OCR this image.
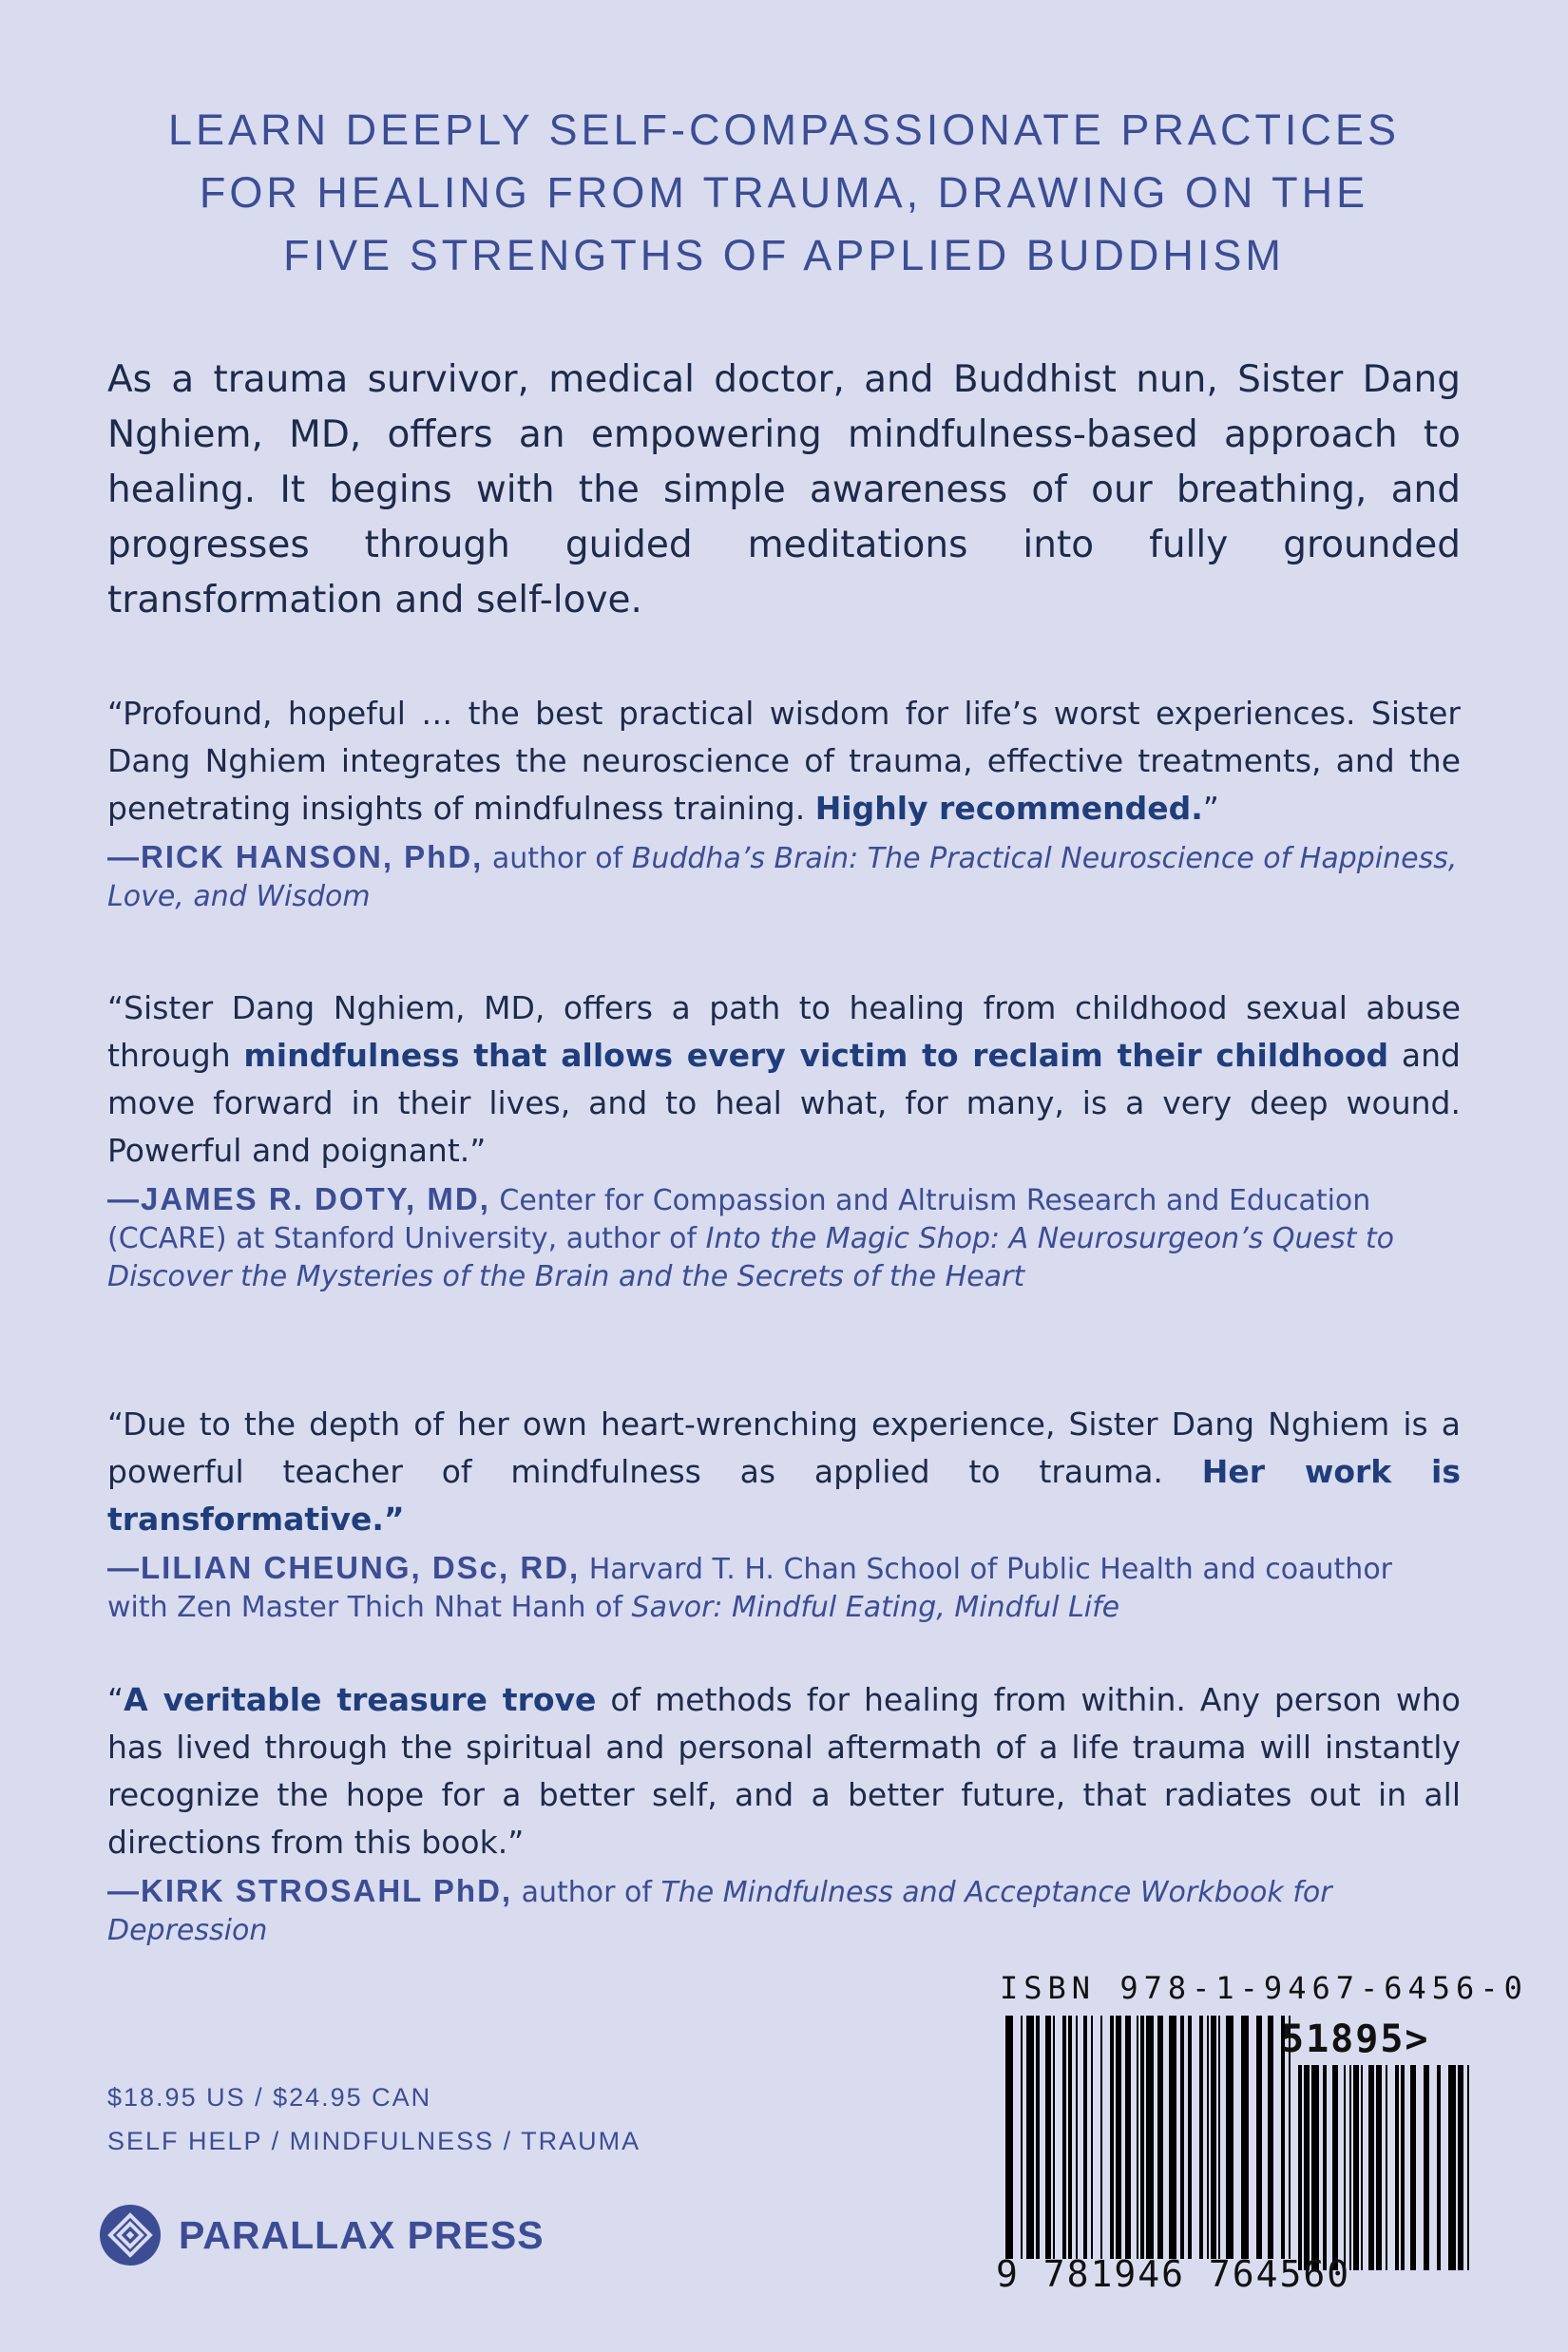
LEARN DEEPLY SELF-COMPASSIONATE PRACTICES
FOR HEALING FROM TRAUMA, DRAWING ON THE
FIVE STRENGTHS OF APPLIED BUDDHISM

As a trauma survivor, medical doctor, and Buddhist nun, Sister Dang Nghiem, MD, offers an empowering mindfulness-based approach to healing. It begins with the simple awareness of our breathing, and progresses through guided meditations into fully grounded transformation and self-love.

“Profound, hopeful … the best practical wisdom for life’s worst experiences. Sister Dang Nghiem integrates the neuroscience of trauma, effective treatments, and the penetrating insights of mindfulness training. Highly recommended.”

—RICK HANSON, PhD, author of Buddha’s Brain: The Practical Neuroscience of Happiness, Love, and Wisdom

“Sister Dang Nghiem, MD, offers a path to healing from childhood sexual abuse through mindfulness that allows every victim to reclaim their childhood and move forward in their lives, and to heal what, for many, is a very deep wound. Powerful and poignant.”

—JAMES R. DOTY, MD, Center for Compassion and Altruism Research and Education (CCARE) at Stanford University, author of Into the Magic Shop: A Neurosurgeon’s Quest to Discover the Mysteries of the Brain and the Secrets of the Heart

“Due to the depth of her own heart-wrenching experience, Sister Dang Nghiem is a powerful teacher of mindfulness as applied to trauma. Her work is transformative.”

—LILIAN CHEUNG, DSc, RD, Harvard T. H. Chan School of Public Health and coauthor with Zen Master Thich Nhat Hanh of Savor: Mindful Eating, Mindful Life

“A veritable treasure trove of methods for healing from within. Any person who has lived through the spiritual and personal aftermath of a life trauma will instantly recognize the hope for a better self, and a better future, that radiates out in all directions from this book.”

—KIRK STROSAHL PhD, author of The Mindfulness and Acceptance Workbook for Depression
$18.95 US / $24.95 CAN
SELF HELP / MINDFULNESS / TRAUMA
PARALLAX PRESS
ISBN 978-1-9467-6456-0
51895>
9 781946 764560
